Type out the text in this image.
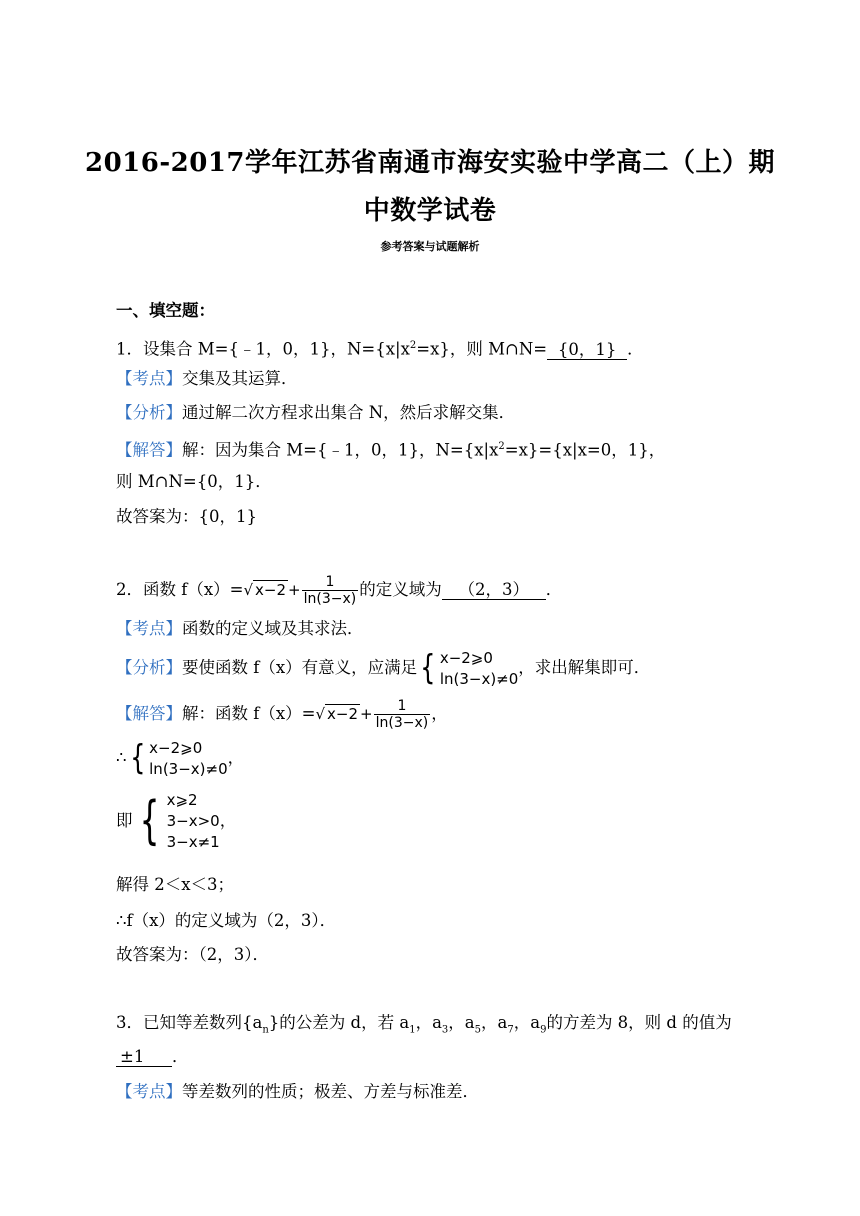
2016-2017学年江苏省南通市海安实验中学高二（上）期
中数学试卷
参考答案与试题解析
一、填空题：
1．设集合 M={﹣1，0，1}，$N=\{x|x^2=x\}$，则 M∩N= {0，1} ．
【考点】交集及其运算．
【分析】通过解二次方程求出集合 N，然后求解交集．
【解答】解：因为集合 M={﹣1，0，1}，$N=\{x|x^2=x\}=\{x|x=0$，1}，
则 M∩N={0，1}．
故答案为：{0，1}
2．函数 f（x）=√ $x-2 + \frac{1}{\ln(3-x)}$ 的定义域为 （2，3） ．
【考点】函数的定义域及其求法．
【分析】要使函数 f（x）有意义，应满足 { x−2⩾0
ln(3−x)≠0
，求出解集即可．
【解答】解：函数 f（x）=√ $x-2 + \frac{1}{\ln(3-x)}$ ，
∴ { x−2⩾0
ln(3−x)≠0
，
即 { x⩾2
3−x>0
3−x≠1
，
解得 2＜x＜3；
∴f（x）的定义域为（2，3）．
故答案为：（2，3）．
3．已知等差数列$\{a_n\}$的公差为 d，若 $a_1$，$a_3$，$a_5$，$a_7$，$a_9$的方差为 8，则 d 的值为
±1 ．
【考点】等差数列的性质；极差、方差与标准差．
